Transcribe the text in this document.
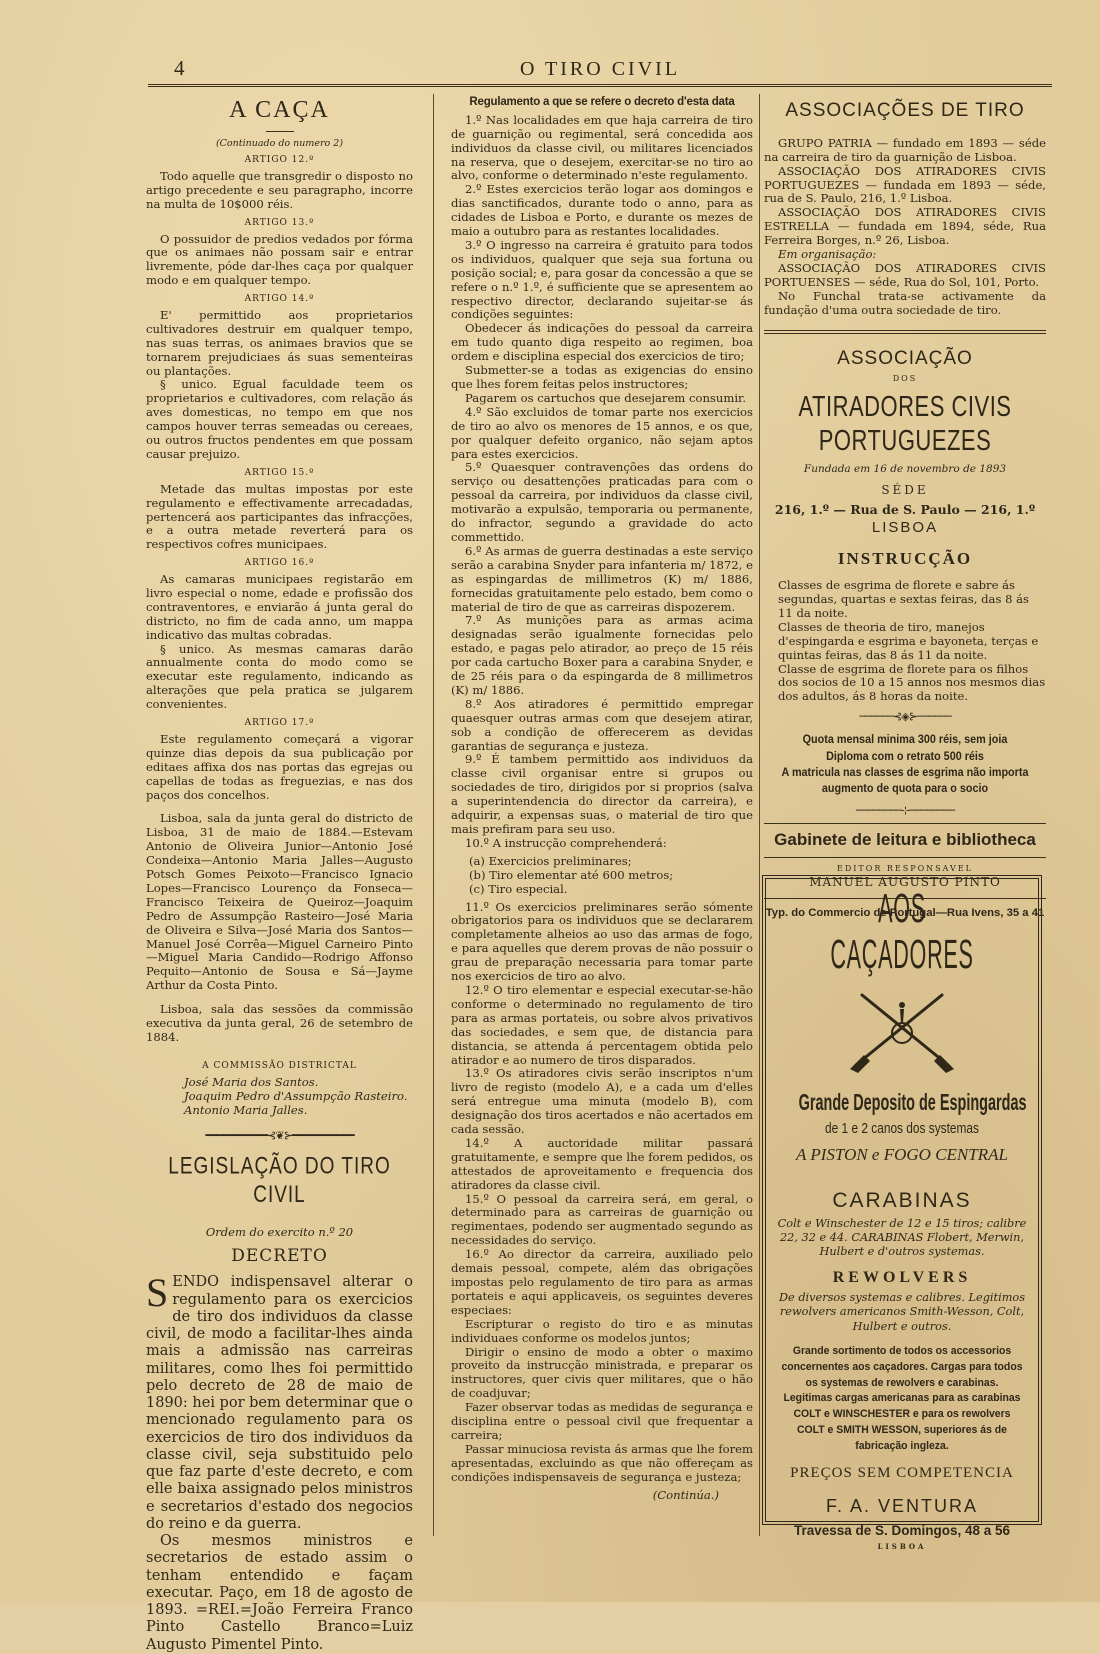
4	O TIRO CIVIL
A CAÇA

(Continuado do numero 2)

ARTIGO 12.º

Todo aquelle que transgredir o disposto no artigo precedente e seu paragrapho, incorre na multa de 10$000 réis.

ARTIGO 13.º

O possuidor de predios vedados por fórma que os animaes não possam sair e entrar livremente, póde dar-lhes caça por qualquer modo e em qualquer tempo.

ARTIGO 14.º

E' permittido aos proprietarios cultivadores destruir em qualquer tempo, nas suas terras, os animaes bravios que se tornarem prejudiciaes ás suas sementeiras ou plantações.

§ unico. Egual faculdade teem os proprietarios e cultivadores, com relação ás aves domesticas, no tempo em que nos campos houver terras semeadas ou cereaes, ou outros fructos pendentes em que possam causar prejuizo.

ARTIGO 15.º

Metade das multas impostas por este regulamento e effectivamente arrecadadas, pertencerá aos participantes das infracções, e a outra metade reverterá para os respectivos cofres municipaes.

ARTIGO 16.º

As camaras municipaes registarão em livro especial o nome, edade e profissão dos contraventores, e enviarão á junta geral do districto, no fim de cada anno, um mappa indicativo das multas cobradas.

§ unico. As mesmas camaras darão annualmente conta do modo como se executar este regulamento, indicando as alterações que pela pratica se julgarem convenientes.

ARTIGO 17.º

Este regulamento começará a vigorar quinze dias depois da sua publicação por editaes affixa dos nas portas das egrejas ou capellas de todas as freguezias, e nas dos paços dos concelhos.

Lisboa, sala da junta geral do districto de Lisboa, 31 de maio de 1884.—Estevam Antonio de Oliveira Junior—Antonio José Condeixa—Antonio Maria Jalles—Augusto Potsch Gomes Peixoto—Francisco Ignacio Lopes—Francisco Lourenço da Fonseca—Francisco Teixeira de Queiroz—Joaquim Pedro de Assumpção Rasteiro—José Maria de Oliveira e Silva—José Maria dos Santos—Manuel José Corrêa—Miguel Carneiro Pinto—Miguel Maria Candido—Rodrigo Affonso Pequito—Antonio de Sousa e Sá—Jayme Arthur da Costa Pinto.

Lisboa, sala das sessões da commissão executiva da junta geral, 26 de setembro de 1884.

A COMMISSÃO DISTRICTAL

José Maria dos Santos.

Joaquim Pedro d'Assumpção Rasteiro.

Antonio Maria Jalles.

━━━━━━━━━━━⊰❦⊱━━━━━━━━━━━
LEGISLAÇÃO DO TIRO CIVIL

Ordem do exercito n.º 20

DECRETO

SENDO indispensavel alterar o regulamento para os exercicios de tiro dos individuos da classe civil, de modo a facilitar-lhes ainda mais a admissão nas carreiras militares, como lhes foi permittido pelo decreto de 28 de maio de 1890: hei por bem determinar que o mencionado regulamento para os exercicios de tiro dos individuos da classe civil, seja substituido pelo que faz parte d'este decreto, e com elle baixa assignado pelos ministros e secretarios d'estado dos negocios do reino e da guerra.

Os mesmos ministros e secretarios de estado assim o tenham entendido e façam executar. Paço, em 18 de agosto de 1893. =REI.=João Ferreira Franco Pinto Castello Branco=Luiz Augusto Pimentel Pinto.

Regulamento a que se refere o decreto d'esta data

1.º Nas localidades em que haja carreira de tiro de guarnição ou regimental, será concedida aos individuos da classe civil, ou militares licenciados na reserva, que o desejem, exercitar-se no tiro ao alvo, conforme o determinado n'este regulamento.

2.º Estes exercicios terão logar aos domingos e dias sanctificados, durante todo o anno, para as cidades de Lisboa e Porto, e durante os mezes de maio a outubro para as restantes localidades.

3.º O ingresso na carreira é gratuito para todos os individuos, qualquer que seja sua fortuna ou posição social; e, para gosar da concessão a que se refere o n.º 1.º, é sufficiente que se apresentem ao respectivo director, declarando sujeitar-se ás condições seguintes:

Obedecer ás indicações do pessoal da carreira em tudo quanto diga respeito ao regimen, boa ordem e disciplina especial dos exercicios de tiro;

Submetter-se a todas as exigencias do ensino que lhes forem feitas pelos instructores;

Pagarem os cartuchos que desejarem consumir.

4.º São excluidos de tomar parte nos exercicios de tiro ao alvo os menores de 15 annos, e os que, por qualquer defeito organico, não sejam aptos para estes exercicios.

5.º Quaesquer contravenções das ordens do serviço ou desattenções praticadas para com o pessoal da carreira, por individuos da classe civil, motivarão a expulsão, temporaria ou permanente, do infractor, segundo a gravidade do acto commettido.

6.º As armas de guerra destinadas a este serviço serão a carabina Snyder para infanteria m/ 1872, e as espingardas de millimetros (K) m/ 1886, fornecidas gratuitamente pelo estado, bem como o material de tiro de que as carreiras dispozerem.

7.º As munições para as armas acima designadas serão igualmente fornecidas pelo estado, e pagas pelo atirador, ao preço de 15 réis por cada cartucho Boxer para a carabina Snyder, e de 25 réis para o da espingarda de 8 millimetros (K) m/ 1886.

8.º Aos atiradores é permittido empregar quaesquer outras armas com que desejem atirar, sob a condição de offerecerem as devidas garantias de segurança e justeza.

9.º É tambem permittido aos individuos da classe civil organisar entre si grupos ou sociedades de tiro, dirigidos por si proprios (salva a superintendencia do director da carreira), e adquirir, a expensas suas, o material de tiro que mais prefiram para seu uso.

10.º A instrucção comprehenderá:

(a) Exercicios preliminares;

(b) Tiro elementar até 600 metros;

(c) Tiro especial.

11.º Os exercicios preliminares serão sómente obrigatorios para os individuos que se declararem completamente alheios ao uso das armas de fogo, e para aquelles que derem provas de não possuir o grau de preparação necessaria para tomar parte nos exercicios de tiro ao alvo.

12.º O tiro elementar e especial executar-se-hão conforme o determinado no regulamento de tiro para as armas portateis, ou sobre alvos privativos das sociedades, e sem que, de distancia para distancia, se attenda á percentagem obtida pelo atirador e ao numero de tiros disparados.

13.º Os atiradores civis serão inscriptos n'um livro de registo (modelo A), e a cada um d'elles será entregue uma minuta (modelo B), com designação dos tiros acertados e não acertados em cada sessão.

14.º A auctoridade militar passará gratuitamente, e sempre que lhe forem pedidos, os attestados de aproveitamento e frequencia dos atiradores da classe civil.

15.º O pessoal da carreira será, em geral, o determinado para as carreiras de guarnição ou regimentaes, podendo ser augmentado segundo as necessidades do serviço.

16.º Ao director da carreira, auxiliado pelo demais pessoal, compete, além das obrigações impostas pelo regulamento de tiro para as armas portateis e aqui applicaveis, os seguintes deveres especiaes:

Escripturar o registo do tiro e as minutas individuaes conforme os modelos juntos;

Dirigir o ensino de modo a obter o maximo proveito da instrucção ministrada, e preparar os instructores, quer civis quer militares, que o hão de coadjuvar;

Fazer observar todas as medidas de segurança e disciplina entre o pessoal civil que frequentar a carreira;

Passar minuciosa revista ás armas que lhe forem apresentadas, excluindo as que não offereçam as condições indispensaveis de segurança e justeza;

(Continúa.)

ASSOCIAÇÕES DE TIRO

GRUPO PATRIA — fundado em 1893 — séde na carreira de tiro da guarnição de Lisboa.

ASSOCIAÇÃO DOS ATIRADORES CIVIS PORTUGUEZES — fundada em 1893 — séde, rua de S. Paulo, 216, 1.º Lisboa.

ASSOCIAÇÃO DOS ATIRADORES CIVIS ESTRELLA — fundada em 1894, séde, Rua Ferreira Borges, n.º 26, Lisboa.

Em organisação:

ASSOCIAÇÃO DOS ATIRADORES CIVIS PORTUENSES — séde, Rua do Sol, 101, Porto.

No Funchal trata-se activamente da fundação d'uma outra sociedade de tiro.

ASSOCIAÇÃO

DOS

ATIRADORES CIVIS PORTUGUEZES

Fundada em 16 de novembro de 1893

SÉDE
216, 1.º — Rua de S. Paulo — 216, 1.º
LISBOA
INSTRUCÇÃO

Classes de esgrima de florete e sabre ás segundas, quartas e sextas feiras, das 8 ás 11 da noite.

Classes de theoria de tiro, manejos d'espingarda e esgrima e bayoneta, terças e quintas feiras, das 8 ás 11 da noite.

Classe de esgrima de florete para os filhos dos socios de 10 a 15 annos nos mesmos dias dos adultos, ás 8 horas da noite.

──────⊰◈⊱──────
Quota mensal minima 300 réis, sem joia
Diploma com o retrato 500 réis
A matricula nas classes de esgrima não importa
augmento de quota para o socio
────────⊹────────
Gabinete de leitura e bibliotheca
EDITOR RESPONSAVEL
MANUEL AUGUSTO PINTO
Typ. do Commercio de Portugal—Rua Ivens, 35 a 41
AOS CAÇADORES
Grande Deposito de Espingardas
de 1 e 2 canos dos systemas
A PISTON e FOGO CENTRAL
CARABINAS
Colt e Winschester de 12 e 15 tiros; calibre 22, 32 e 44. CARABINAS Flobert, Merwin, Hulbert e d'outros systemas.
REWOLVERS
De diversos systemas e calibres. Legitimos rewolvers americanos Smith-Wesson, Colt, Hulbert e outros.
Grande sortimento de todos os accessorios concernentes aos caçadores. Cargas para todos os systemas de rewolvers e carabinas. Legitimas cargas americanas para as carabinas COLT e WINSCHESTER e para os rewolvers COLT e SMITH WESSON, superiores ás de fabricação ingleza.
PREÇOS SEM COMPETENCIA
F. A. VENTURA
Travessa de S. Domingos, 48 a 56
LISBOA
